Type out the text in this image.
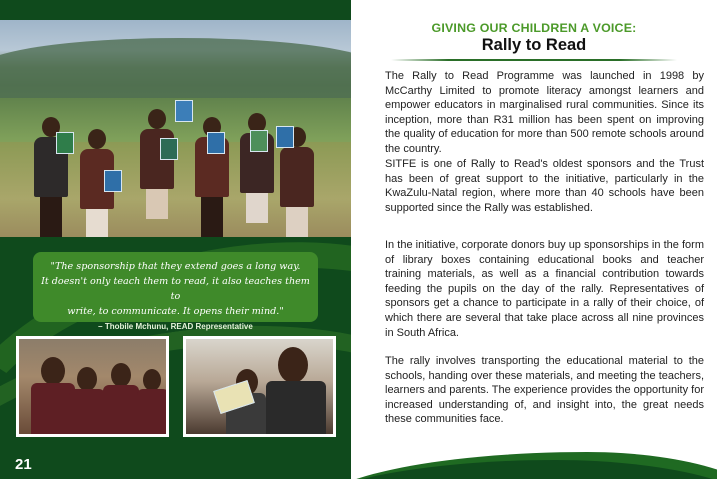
"The sponsorship that they extend goes a long way.
It doesn't only teach them to read, it also teaches them to
write, to communicate. It opens their mind."

– Thobile Mchunu, READ Representative

21

GIVING OUR CHILDREN A VOICE:

Rally to Read

The Rally to Read Programme was launched in 1998 by McCarthy Limited to promote literacy amongst learners and empower educators in marginalised rural communities. Since its inception, more than R31 million has been spent on improving the quality of education for more than 500 remote schools around the country.

SITFE is one of Rally to Read's oldest sponsors and the Trust has been of great support to the initiative, particularly in the KwaZulu-Natal region, where more than 40 schools have been supported since the Rally was established.

In the initiative, corporate donors buy up sponsorships in the form of library boxes containing educational books and teacher training materials, as well as a financial contribution towards feeding the pupils on the day of the rally. Representatives of sponsors get a chance to participate in a rally of their choice, of which there are several that take place across all nine provinces in South Africa.

The rally involves transporting the educational material to the schools, handing over these materials, and meeting the teachers, learners and parents. The experience provides the opportunity for increased understanding of, and insight into, the great needs these communities face.
